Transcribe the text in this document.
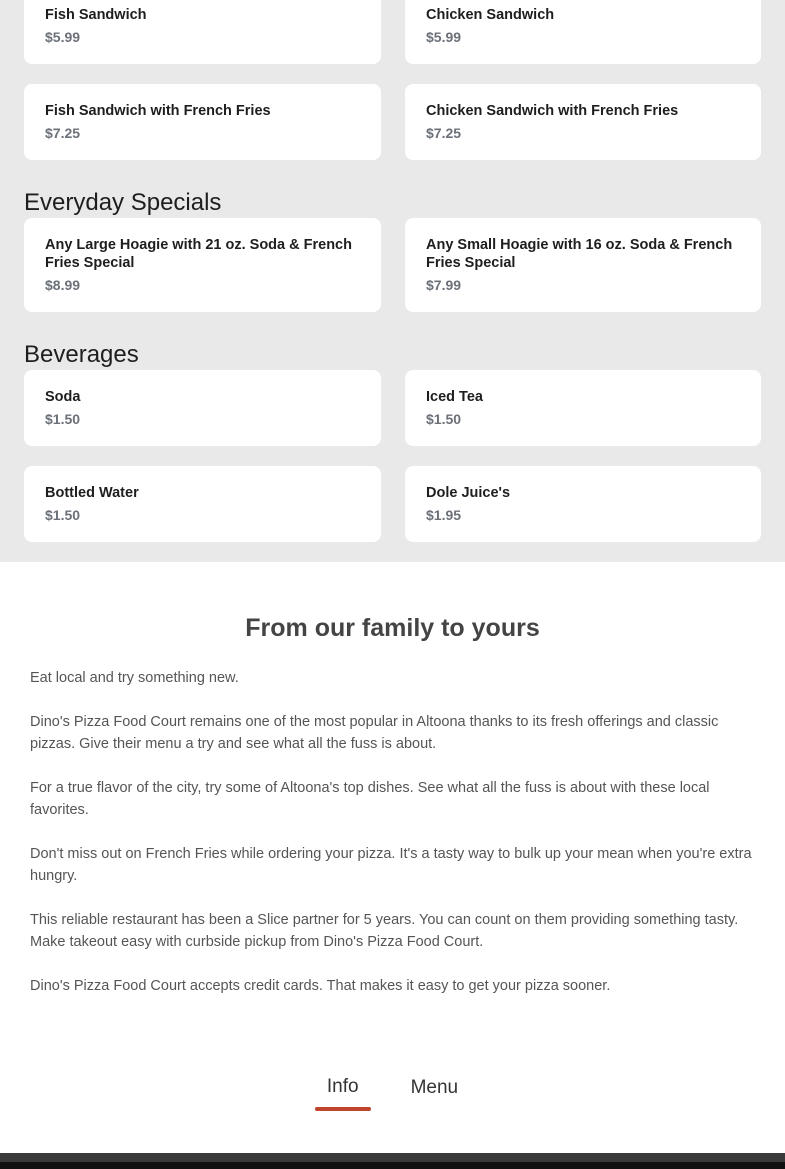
Fish Sandwich
$5.99
Chicken Sandwich
$5.99
Fish Sandwich with French Fries
$7.25
Chicken Sandwich with French Fries
$7.25
Everyday Specials
Any Large Hoagie with 21 oz. Soda & French Fries Special
$8.99
Any Small Hoagie with 16 oz. Soda & French Fries Special
$7.99
Beverages
Soda
$1.50
Iced Tea
$1.50
Bottled Water
$1.50
Dole Juice's
$1.95
From our family to yours

Eat local and try something new.

Dino's Pizza Food Court remains one of the most popular in Altoona thanks to its fresh offerings and classic pizzas. Give their menu a try and see what all the fuss is about.

For a true flavor of the city, try some of Altoona's top dishes. See what all the fuss is about with these local favorites.

Don't miss out on French Fries while ordering your pizza. It's a tasty way to bulk up your mean when you're extra hungry.

This reliable restaurant has been a Slice partner for 5 years. You can count on them providing something tasty. Make takeout easy with curbside pickup from Dino's Pizza Food Court.

Dino's Pizza Food Court accepts credit cards. That makes it easy to get your pizza sooner.

Info	Menu
